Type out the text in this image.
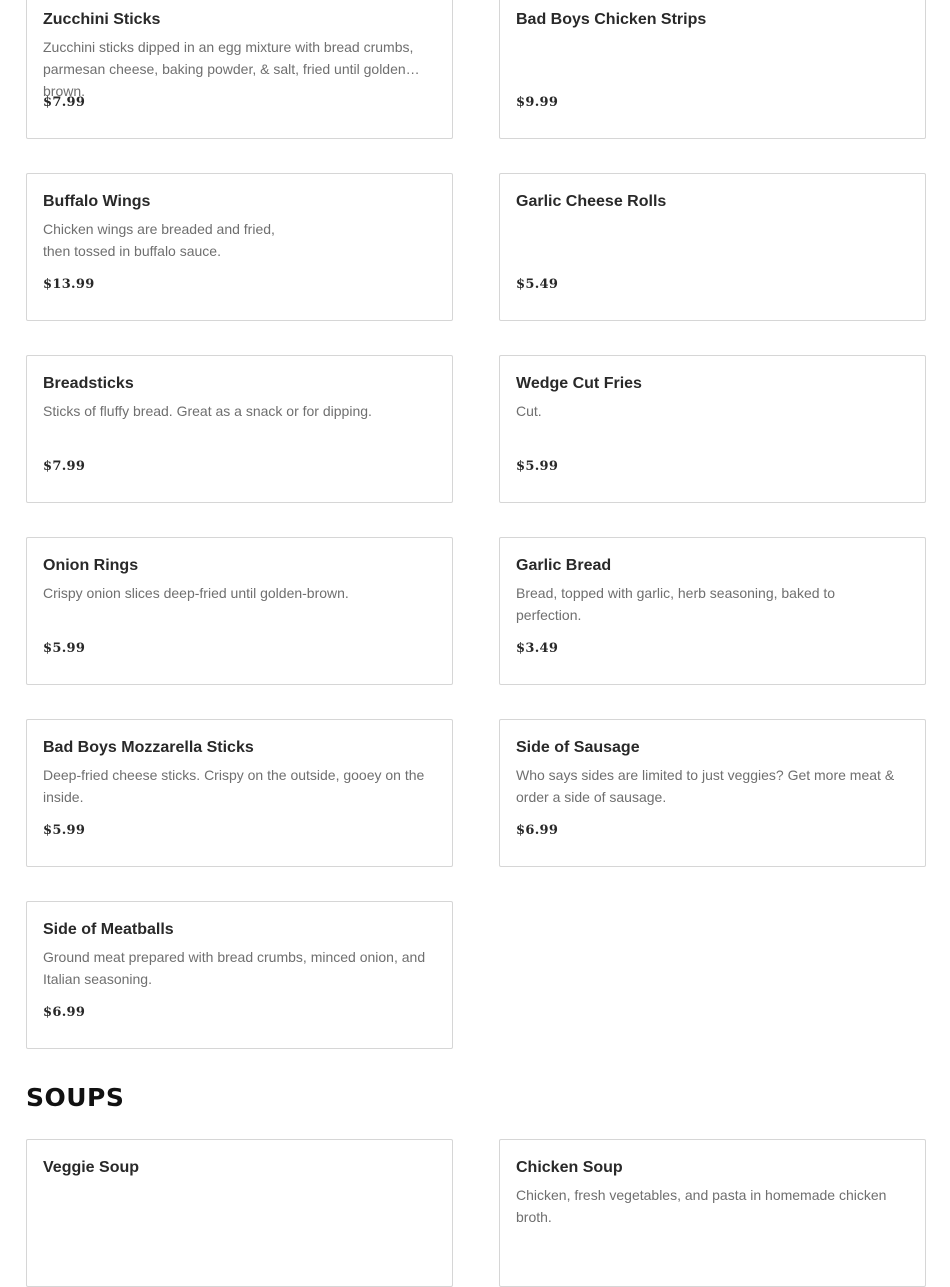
Zucchini Sticks

Zucchini sticks dipped in an egg mixture with bread crumbs, parmesan cheese, baking powder, & salt, fried until golden brown.

$7.99

Bad Boys Chicken Strips

$9.99

Buffalo Wings

Chicken wings are breaded and fried, then tossed in buffalo sauce.

$13.99

Garlic Cheese Rolls

$5.49

Breadsticks

Sticks of fluffy bread. Great as a snack or for dipping.

$7.99

Wedge Cut Fries

Cut.

$5.99

Onion Rings

Crispy onion slices deep-fried until golden-brown.

$5.99

Garlic Bread

Bread, topped with garlic, herb seasoning, baked to perfection.

$3.49

Bad Boys Mozzarella Sticks

Deep-fried cheese sticks. Crispy on the outside, gooey on the inside.

$5.99

Side of Sausage

Who says sides are limited to just veggies? Get more meat & order a side of sausage.

$6.99

Side of Meatballs

Ground meat prepared with bread crumbs, minced onion, and Italian seasoning.

$6.99

SOUPS
Veggie Soup	Chicken Soup

Chicken, fresh vegetables, and pasta in homemade chicken broth.
